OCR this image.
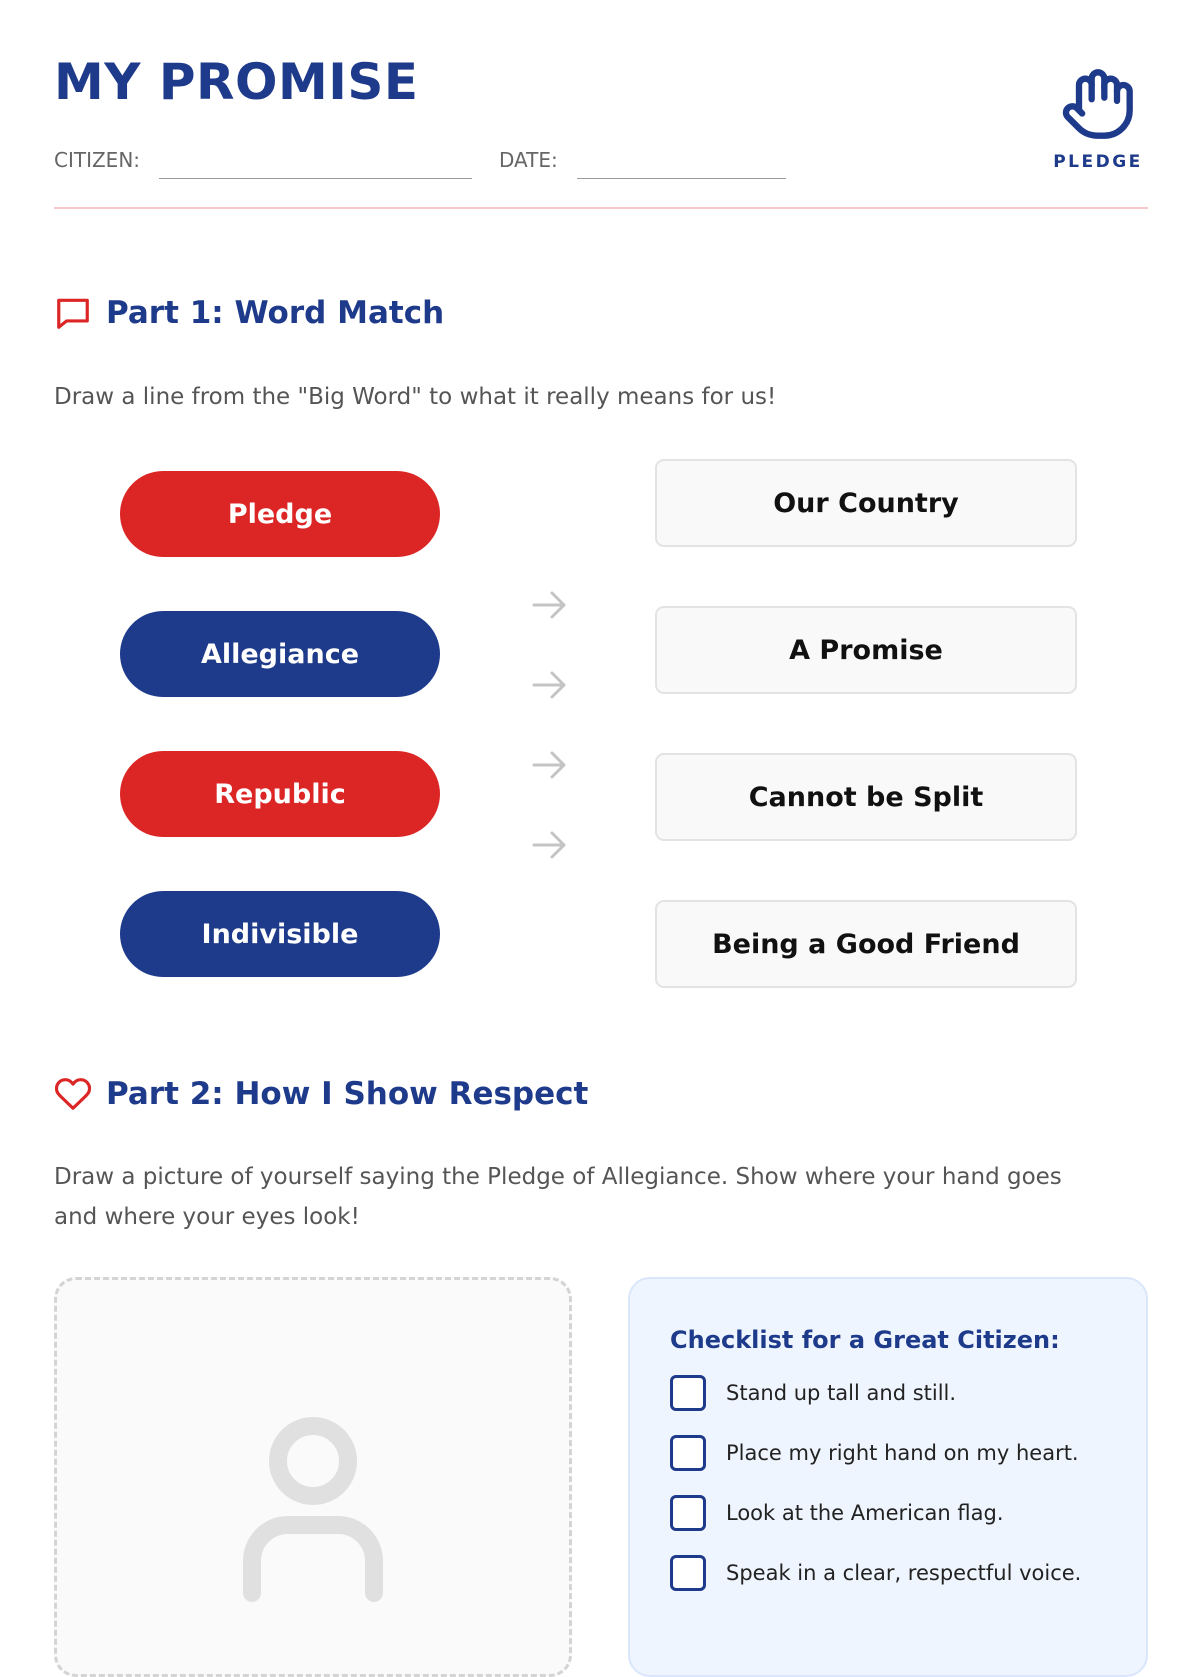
MY PROMISE
CITIZEN:	DATE:	PLEDGE
Part 1: Word Match
Draw a line from the "Big Word" to what it really means for us!
Pledge
Allegiance
Republic
Indivisible
Our Country
A Promise
Cannot be Split
Being a Good Friend
Part 2: How I Show Respect
Draw a picture of yourself saying the Pledge of Allegiance. Show where your hand goes
and where your eyes look!
Checklist for a Great Citizen:
Stand up tall and still.
Place my right hand on my heart.
Look at the American flag.
Speak in a clear, respectful voice.
